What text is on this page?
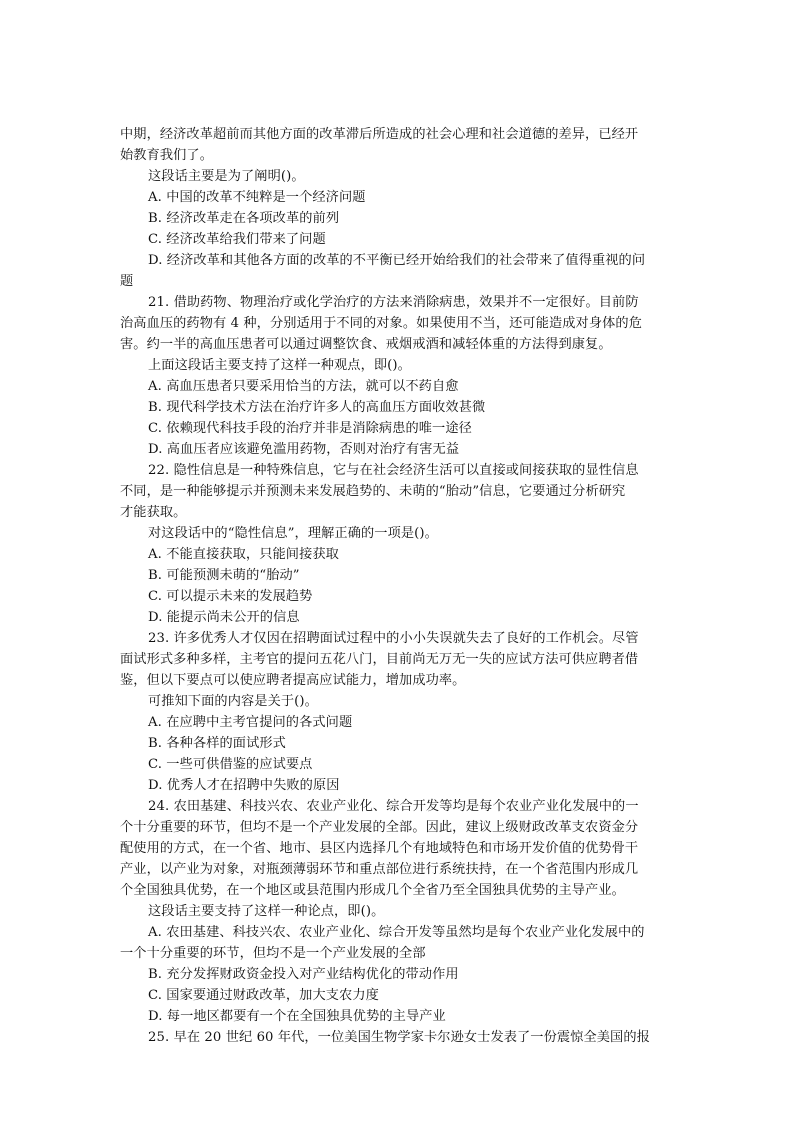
中期，经济改革超前而其他方面的改革滞后所造成的社会心理和社会道德的差异，已经开
始教育我们了。
这段话主要是为了阐明()。
A. 中国的改革不纯粹是一个经济问题
B. 经济改革走在各项改革的前列
C. 经济改革给我们带来了问题
D. 经济改革和其他各方面的改革的不平衡已经开始给我们的社会带来了值得重视的问
题
21. 借助药物、物理治疗或化学治疗的方法来消除病患，效果并不一定很好。目前防
治高血压的药物有 4 种，分别适用于不同的对象。如果使用不当，还可能造成对身体的危
害。约一半的高血压患者可以通过调整饮食、戒烟戒酒和减轻体重的方法得到康复。
上面这段话主要支持了这样一种观点，即()。
A. 高血压患者只要采用恰当的方法，就可以不药自愈
B. 现代科学技术方法在治疗许多人的高血压方面收效甚微
C. 依赖现代科技手段的治疗并非是消除病患的唯一途径
D. 高血压者应该避免滥用药物，否则对治疗有害无益
22. 隐性信息是一种特殊信息，它与在社会经济生活可以直接或间接获取的显性信息
不同，是一种能够提示并预测未来发展趋势的、未萌的“胎动”信息，它要通过分析研究
才能获取。
对这段话中的“隐性信息”，理解正确的一项是()。
A. 不能直接获取，只能间接获取
B. 可能预测未萌的“胎动”
C. 可以提示未来的发展趋势
D. 能提示尚未公开的信息
23. 许多优秀人才仅因在招聘面试过程中的小小失误就失去了良好的工作机会。尽管
面试形式多种多样，主考官的提问五花八门，目前尚无万无一失的应试方法可供应聘者借
鉴，但以下要点可以使应聘者提高应试能力，增加成功率。
可推知下面的内容是关于()。
A. 在应聘中主考官提问的各式问题
B. 各种各样的面试形式
C. 一些可供借鉴的应试要点
D. 优秀人才在招聘中失败的原因
24. 农田基建、科技兴农、农业产业化、综合开发等均是每个农业产业化发展中的一
个十分重要的环节，但均不是一个产业发展的全部。因此，建议上级财政改革支农资金分
配使用的方式，在一个省、地市、县区内选择几个有地域特色和市场开发价值的优势骨干
产业，以产业为对象，对瓶颈薄弱环节和重点部位进行系统扶持，在一个省范围内形成几
个全国独具优势，在一个地区或县范围内形成几个全省乃至全国独具优势的主导产业。
这段话主要支持了这样一种论点，即()。
A. 农田基建、科技兴农、农业产业化、综合开发等虽然均是每个农业产业化发展中的
一个十分重要的环节，但均不是一个产业发展的全部
B. 充分发挥财政资金投入对产业结构优化的带动作用
C. 国家要通过财政改革，加大支农力度
D. 每一地区都要有一个在全国独具优势的主导产业
25. 早在 20 世纪 60 年代，一位美国生物学家卡尔逊女士发表了一份震惊全美国的报
